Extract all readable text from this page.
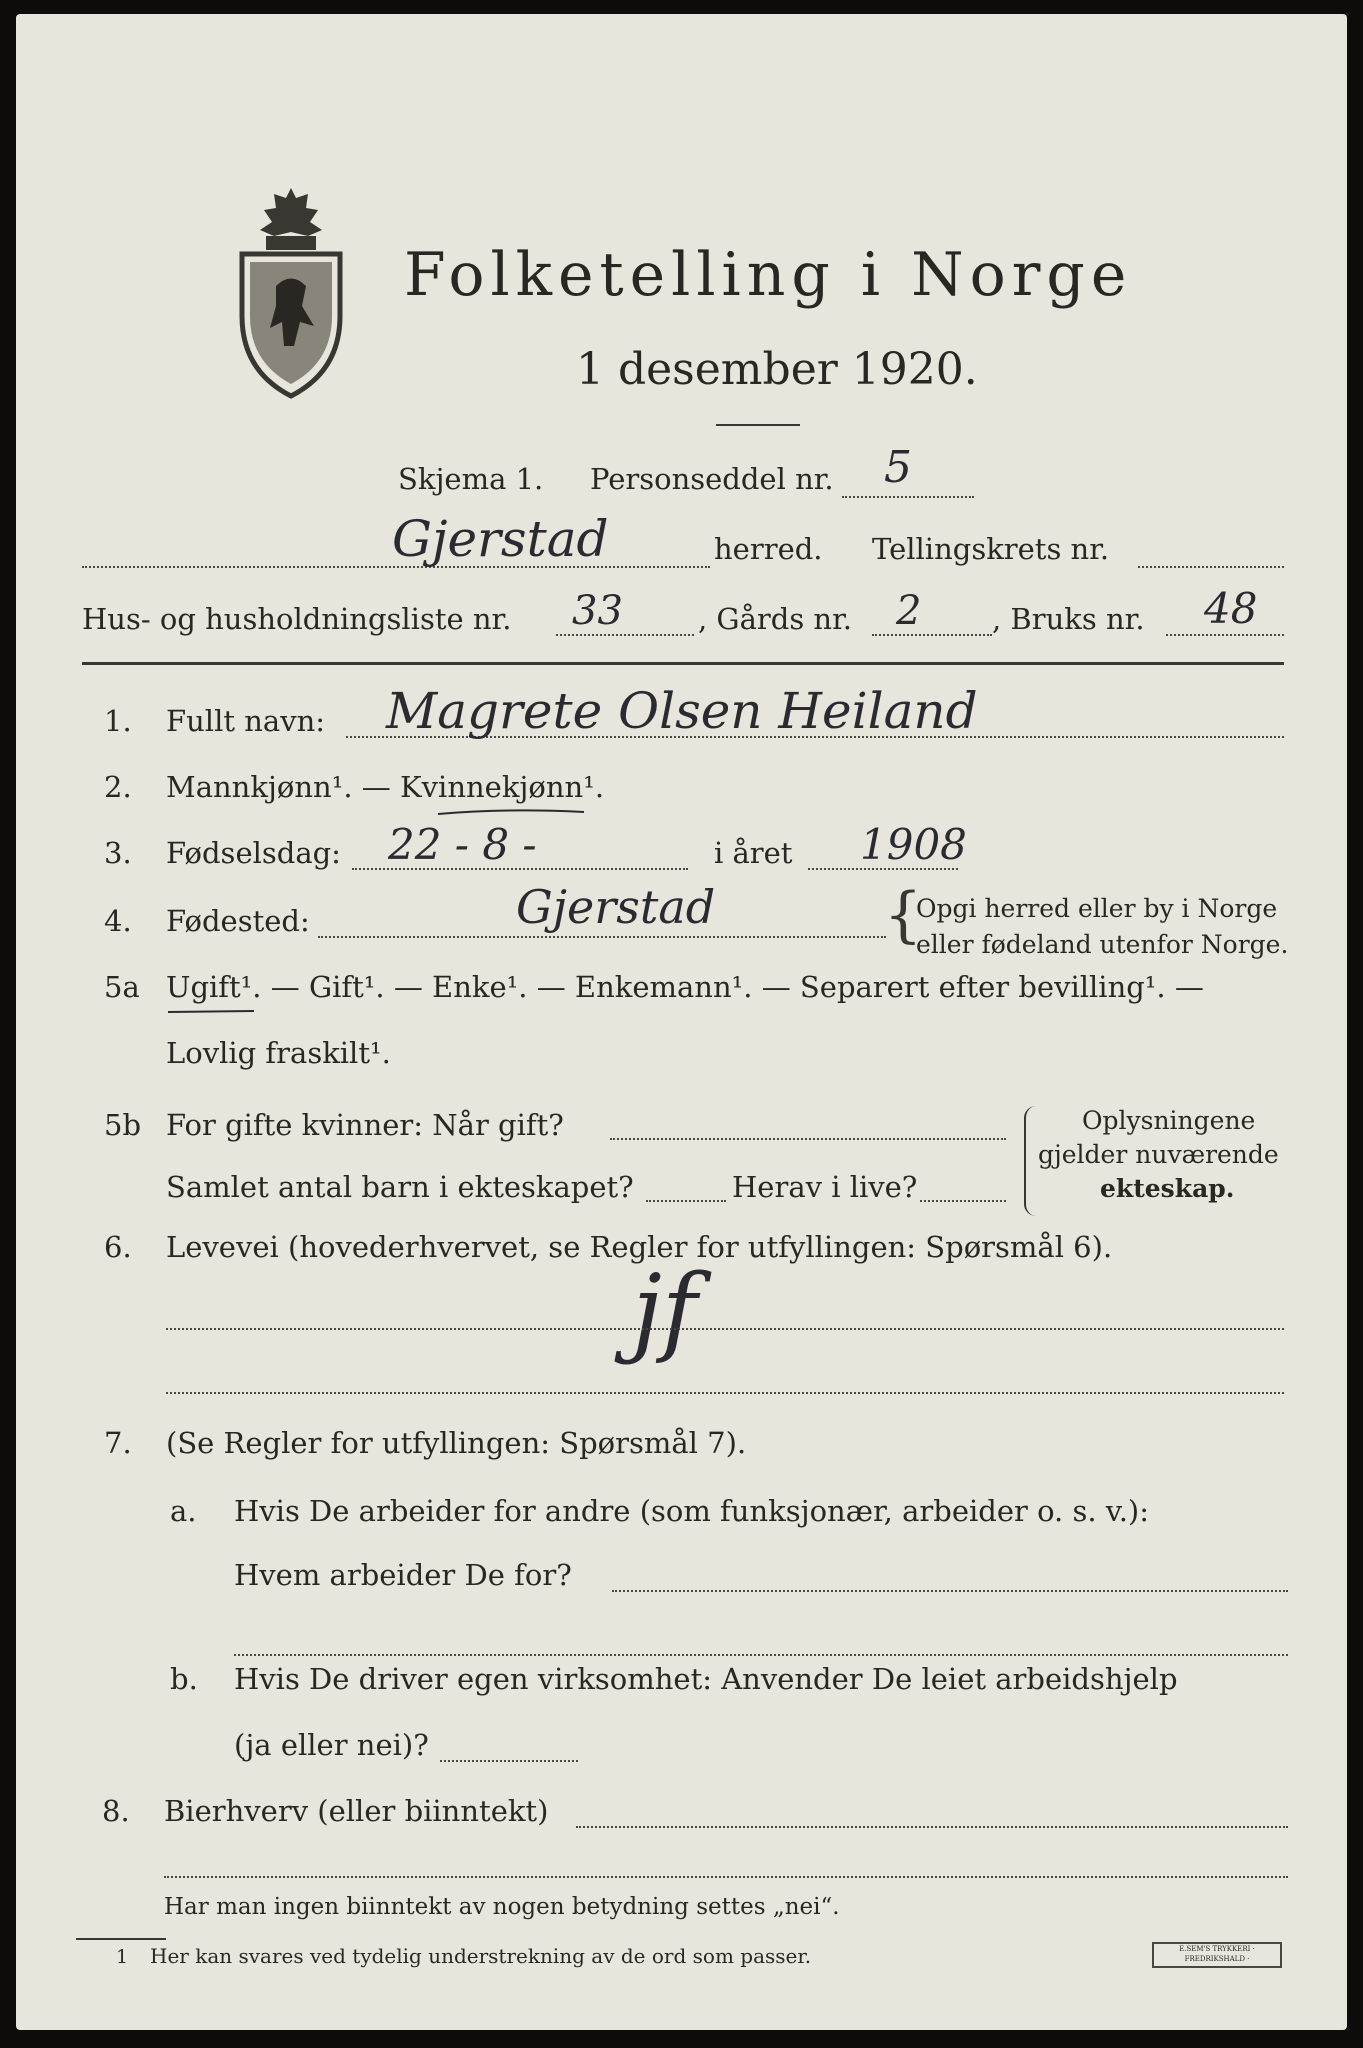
Folketelling i Norge
1 desember 1920.
Skjema 1. Personseddel nr. 5
Gjerstad	herred. Tellingskrets nr.
Hus- og husholdningsliste nr. 33	, Gårds nr. 2 , Bruks nr. 48
1. Fullt navn: Magrete Olsen Heiland
2. Mannkjønn¹. — Kvinnekjønn¹.
3. Fødselsdag: 22 - 8 -	i året 1908
4. Fødested:	Gjerstad	{
Opgi herred eller by i Norge
eller fødeland utenfor Norge.
5a Ugift¹. — Gift¹. — Enke¹. — Enkemann¹. — Separert efter bevilling¹. —
Lovlig fraskilt¹.
5b For gifte kvinner: Når gift?
Samlet antal barn i ekteskapet?	Herav i live?
Oplysningene
gjelder nuværende
ekteskap.
6. Levevei (hovederhvervet, se Regler for utfyllingen: Spørsmål 6).
jf
7. (Se Regler for utfyllingen: Spørsmål 7).
a. Hvis De arbeider for andre (som funksjonær, arbeider o. s. v.):
Hvem arbeider De for?
b. Hvis De driver egen virksomhet: Anvender De leiet arbeidshjelp
(ja eller nei)?
8. Bierhverv (eller biinntekt)
Har man ingen biinntekt av nogen betydning settes „nei“.
1 Her kan svares ved tydelig understrekning av de ord som passer.	E.SEM'S TRYKKERI · FREDRIKSHALD ·
